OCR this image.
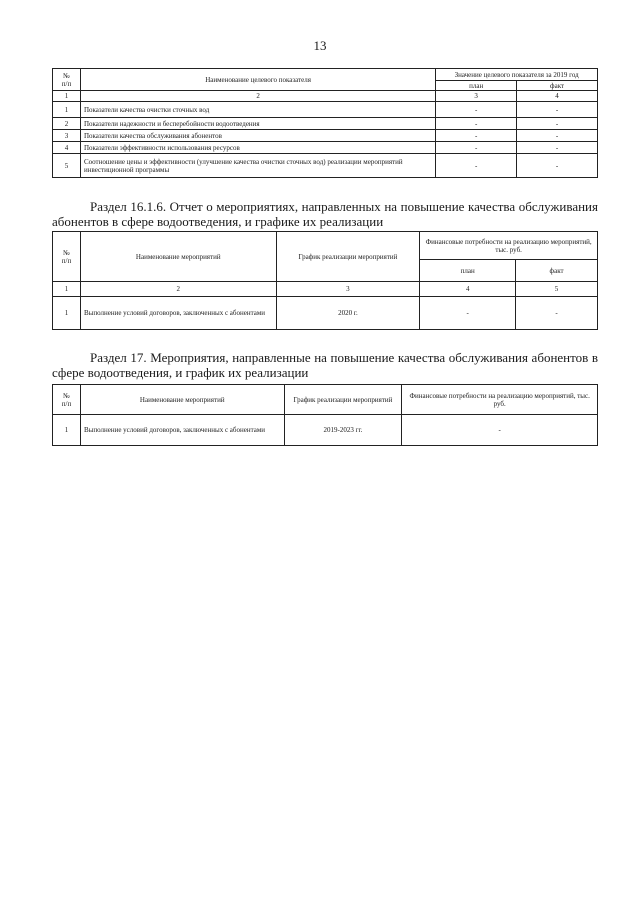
13
№
п/п	Наименование целевого показателя	Значение целевого показателя за 2019 год	
		план	факт
1	2	3	4
1	Показатели качества очистки сточных вод	-	-
2	Показатели надежности и бесперебойности водоотведения	-	-
3	Показатели качества обслуживания абонентов	-	-
4	Показатели эффективности использования ресурсов	-	-
5	Соотношение цены и эффективности (улучшение качества очистки сточных вод) реализации мероприятий инвестиционной программы	-	-
Раздел 16.1.6. Отчет о мероприятиях, направленных на повышение качества обслуживания абонентов в сфере водоотведения, и графике их реализации
№
п/п	Наименование мероприятий	График реализации мероприятий	Финансовые потребности на реализацию мероприятий, тыс. руб.	
			план	факт
1	2	3	4	5
1	Выполнение условий договоров, заключенных с абонентами	2020 г.	-	-
Раздел 17. Мероприятия, направленные на повышение качества обслуживания абонентов в сфере водоотведения, и график их реализации
№
п/п	Наименование мероприятий	График реализации мероприятий	Финансовые потребности на реализацию мероприятий, тыс. руб.
1	Выполнение условий договоров, заключенных с абонентами	2019-2023 гг.	-
